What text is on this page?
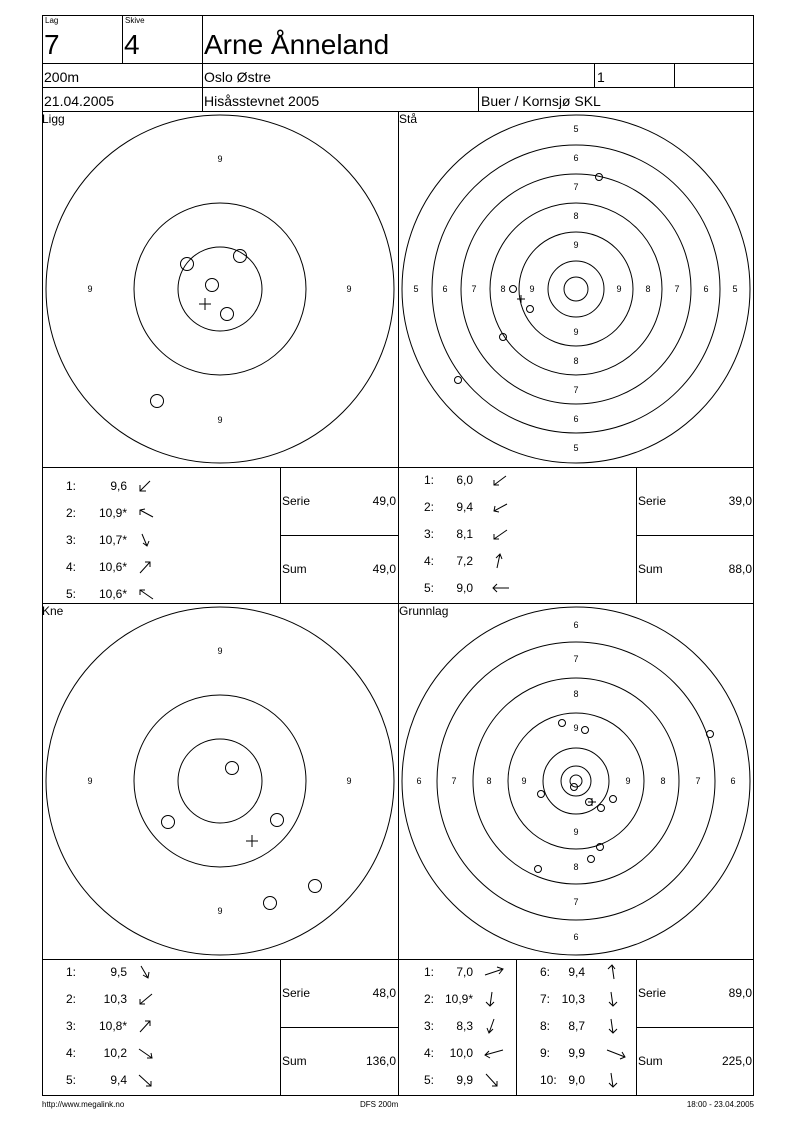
Lag
7
Skive
4 Arne Ånneland
200m	Oslo Østre	1
21.04.2005	Hisåsstevnet 2005	Buer / Kornsjø SKL
Ligg	Stå
Kne	Grunnlag
9
9
9	9
9
9
9	9
5
6
7
8
9
9
8
7
6
5
5	6	7	8	9	9	8	7	6	5
6
7
8
9
9
8
7
6
6	7	8	9	9	8	7	6
1:	9,6
2:	10,9*
3:	10,7*
4:	10,6*
5:	10,6*
Serie	49,0
Sum	49,0
1:	6,0
2:	9,4
3:	8,1
4:	7,2
5:	9,0
Serie	39,0
Sum	88,0
1:	9,5
2:	10,3
3:	10,8*
4:	10,2
5:	9,4
Serie	48,0
Sum	136,0
1:	7,0
2: 10,9*
3:	8,3
4:	10,0
5:	9,9
6:	9,4
7: 10,3
8:	8,7
9:	9,9
10: 9,0
Serie	89,0
Sum	225,0
http://www.megalink.no	DFS 200m	18:00 - 23.04.2005
